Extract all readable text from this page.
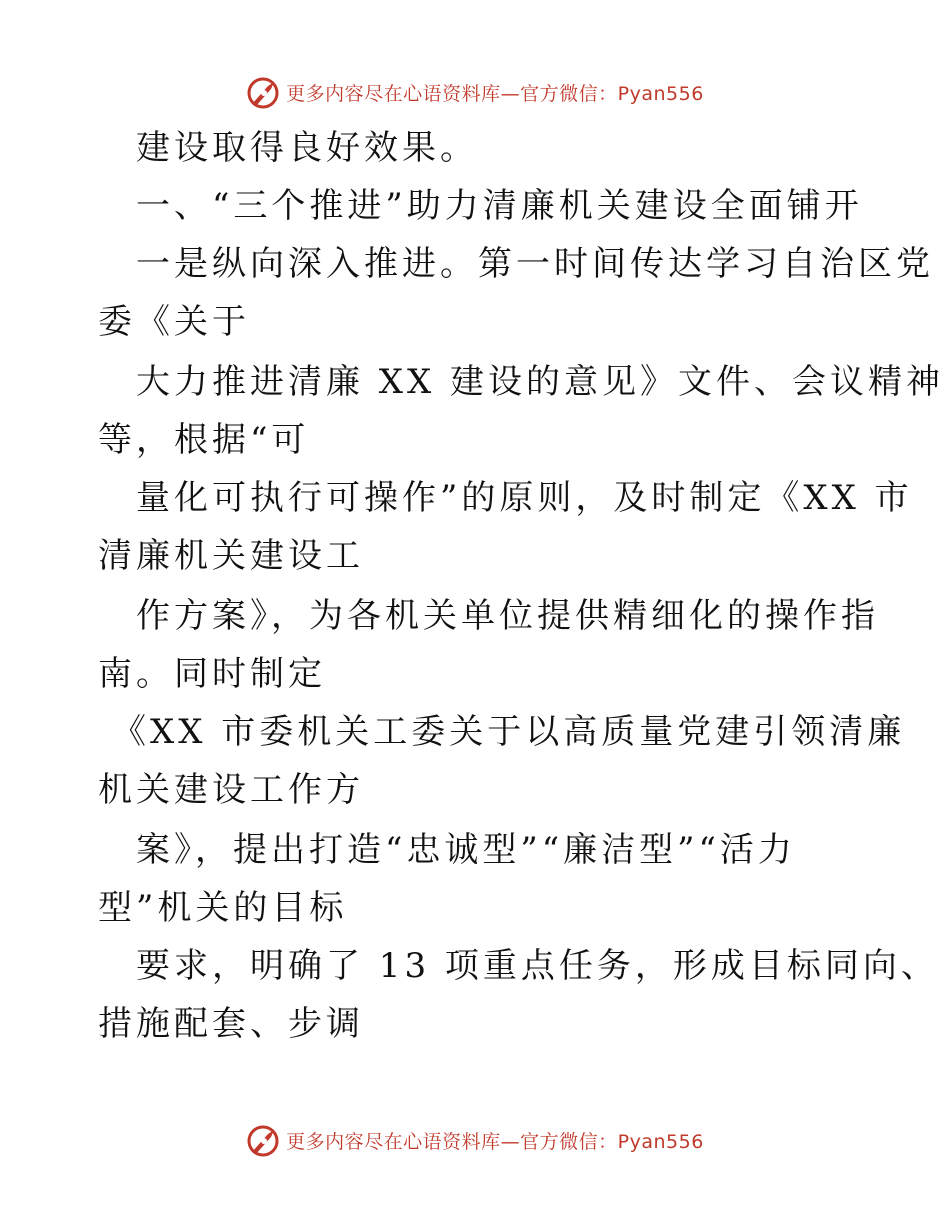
更多内容尽在心语资料库—官方微信：Pyan556
建设取得良好效果。
一、“三个推进”助力清廉机关建设全面铺开
一是纵向深入推进。第一时间传达学习自治区党
委《关于
大力推进清廉 XX 建设的意见》文件、会议精神
等，根据“可
量化可执行可操作”的原则，及时制定《XX 市
清廉机关建设工
作方案》，为各机关单位提供精细化的操作指
南。同时制定
《XX 市委机关工委关于以高质量党建引领清廉
机关建设工作方
案》，提出打造“忠诚型”“廉洁型”“活力
型”机关的目标
要求，明确了 13 项重点任务，形成目标同向、
措施配套、步调
更多内容尽在心语资料库—官方微信：Pyan556
